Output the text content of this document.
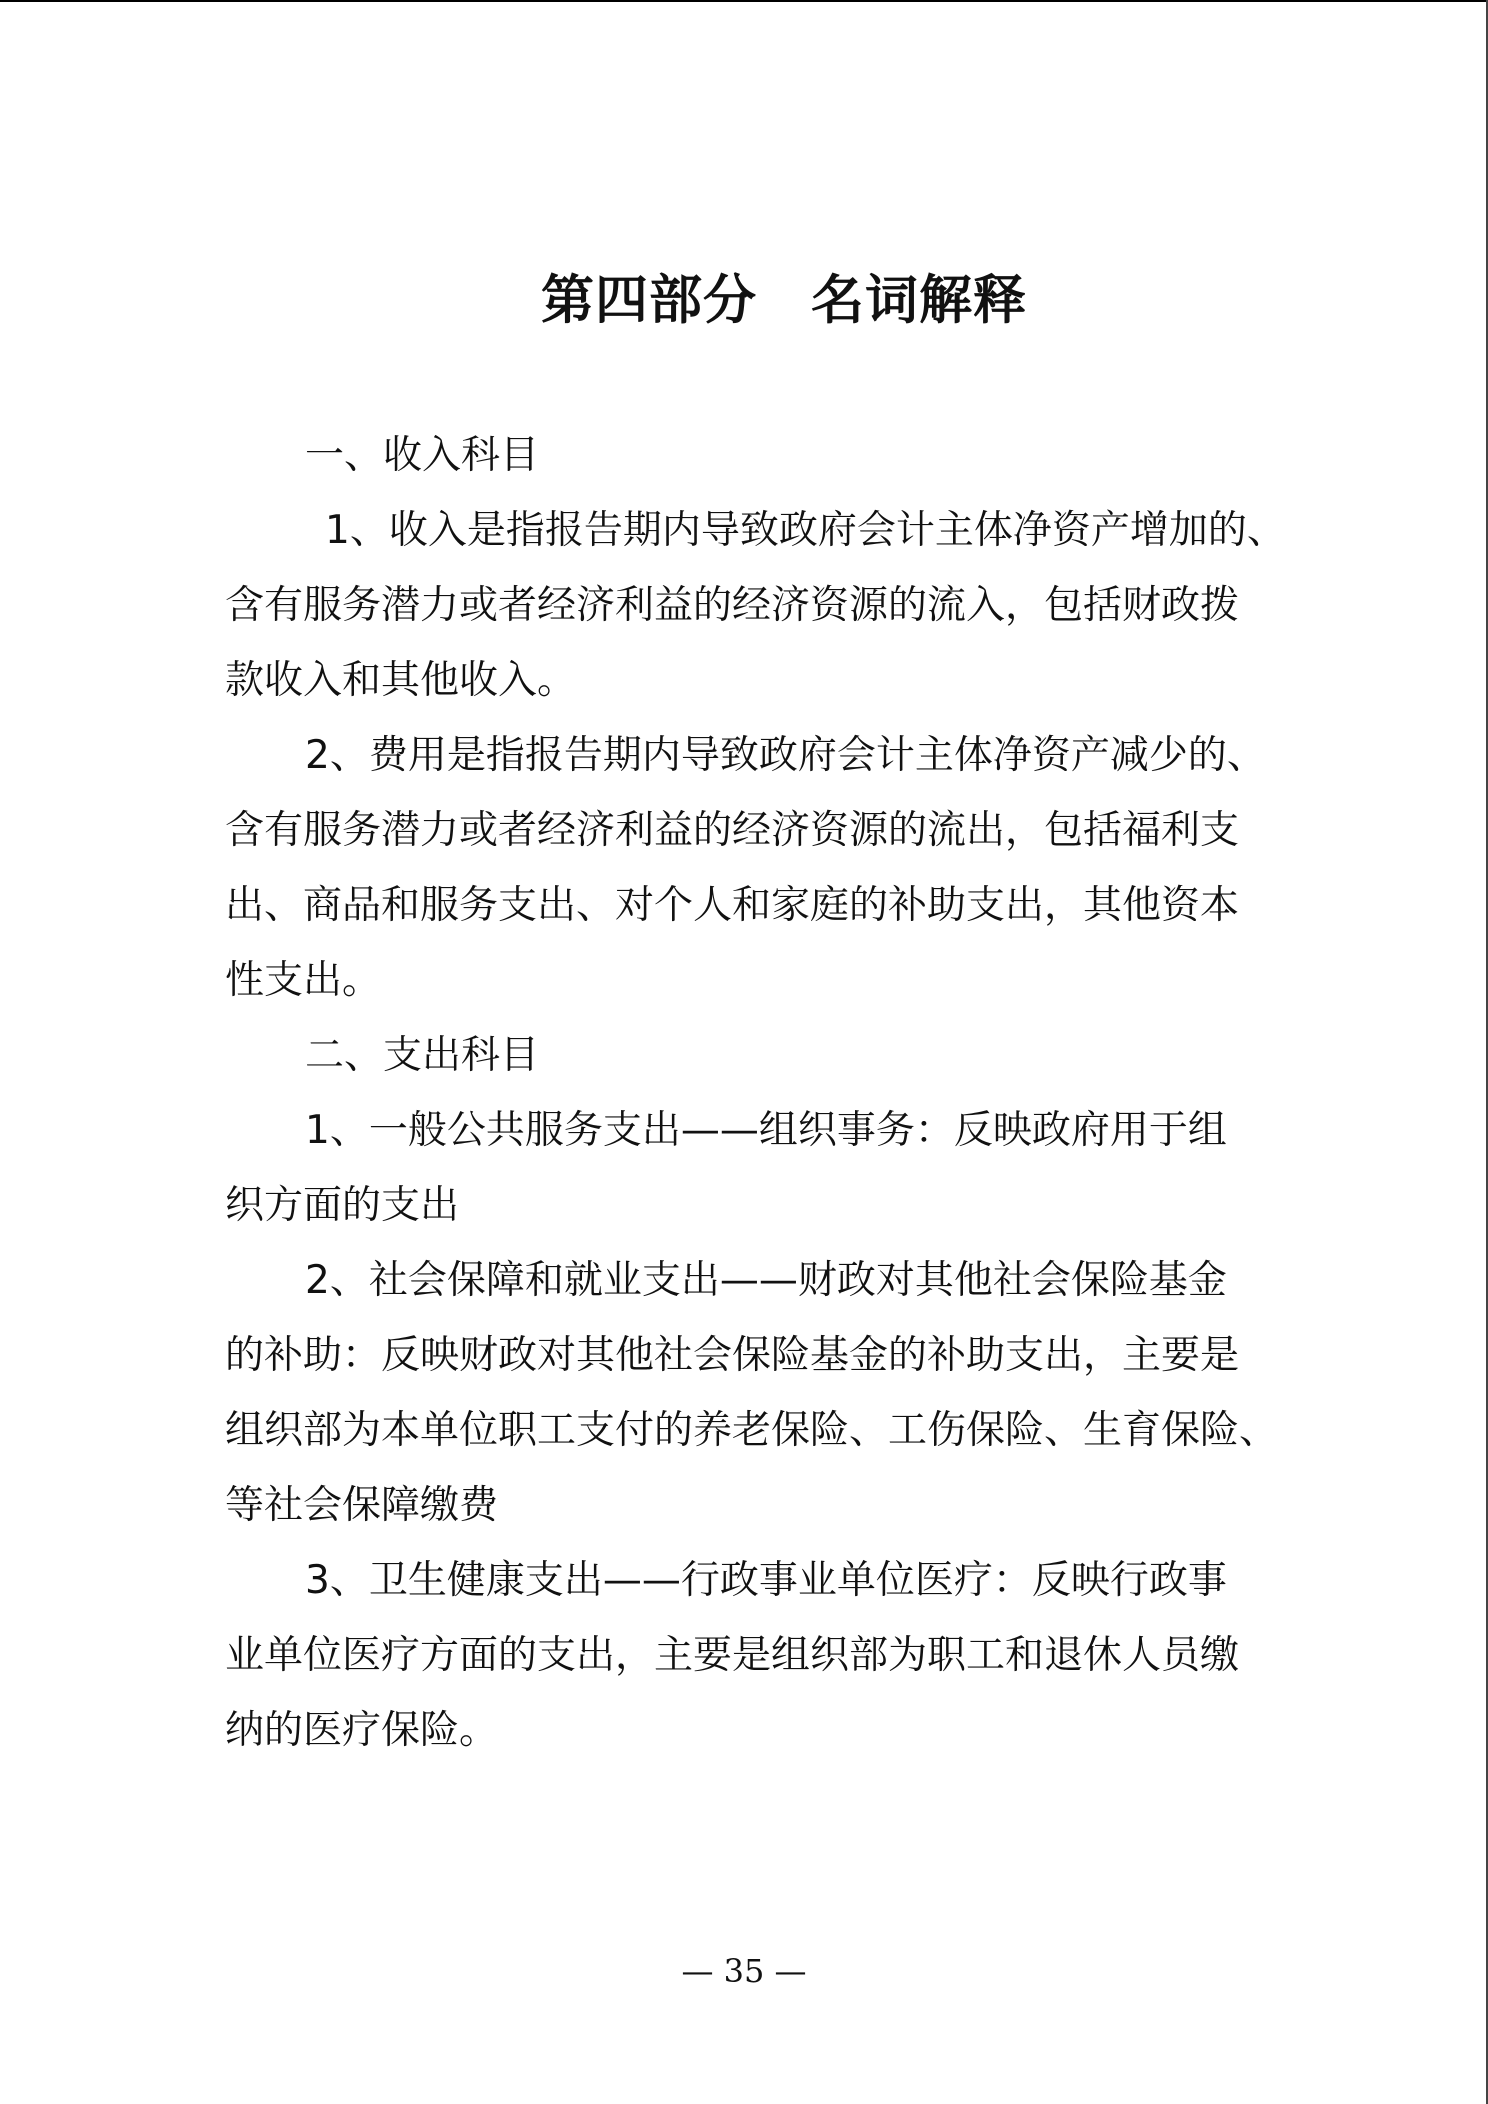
第四部分　名词解释
一、收入科目
1、收入是指报告期内导致政府会计主体净资产增加的、
含有服务潜力或者经济利益的经济资源的流入，包括财政拨
款收入和其他收入。
2、费用是指报告期内导致政府会计主体净资产减少的、
含有服务潜力或者经济利益的经济资源的流出，包括福利支
出、商品和服务支出、对个人和家庭的补助支出，其他资本
性支出。
二、支出科目
1、一般公共服务支出——组织事务：反映政府用于组
织方面的支出
2、社会保障和就业支出——财政对其他社会保险基金
的补助：反映财政对其他社会保险基金的补助支出，主要是
组织部为本单位职工支付的养老保险、工伤保险、生育保险、
等社会保障缴费
3、卫生健康支出——行政事业单位医疗：反映行政事
业单位医疗方面的支出，主要是组织部为职工和退休人员缴
纳的医疗保险。
— 35 —
